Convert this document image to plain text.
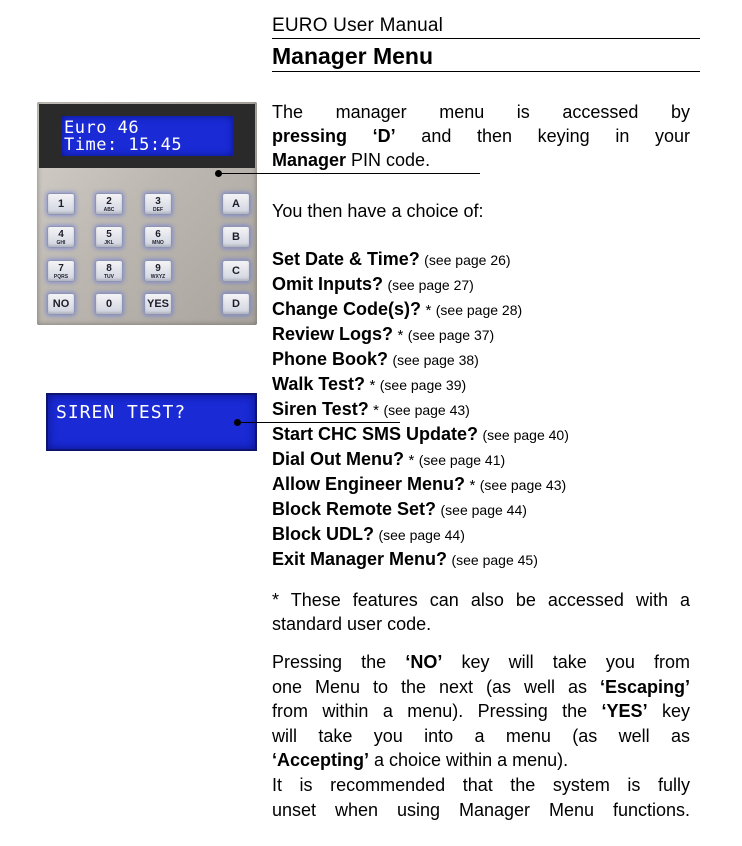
EURO User Manual
Manager Menu
Euro 46
Time: 15:45
1	2
ABC
3
DEF	A
4
GHI
5
JKL
6
MNO	B
7
PQRS
8
TUV
9
WXYZ	C
NO	0	YES	D
SIREN TEST?
The manager menu is accessed by
pressing ‘D’ and then keying in your
Manager PIN code.
You then have a choice of:
Set Date & Time? (see page 26)
Omit Inputs? (see page 27)
Change Code(s)? * (see page 28)
Review Logs? * (see page 37)
Phone Book? (see page 38)
Walk Test? * (see page 39)
Siren Test? * (see page 43)
Start CHC SMS Update? (see page 40)
Dial Out Menu? * (see page 41)
Allow Engineer Menu? * (see page 43)
Block Remote Set? (see page 44)
Block UDL? (see page 44)
Exit Manager Menu? (see page 45)
* These features can also be accessed with a
standard user code.
Pressing the ‘NO’ key will take you from
one Menu to the next (as well as ‘Escaping’
from within a menu). Pressing the ‘YES’ key
will take you into a menu (as well as
‘Accepting’ a choice within a menu).
It is recommended that the system is fully
unset when using Manager Menu functions.
